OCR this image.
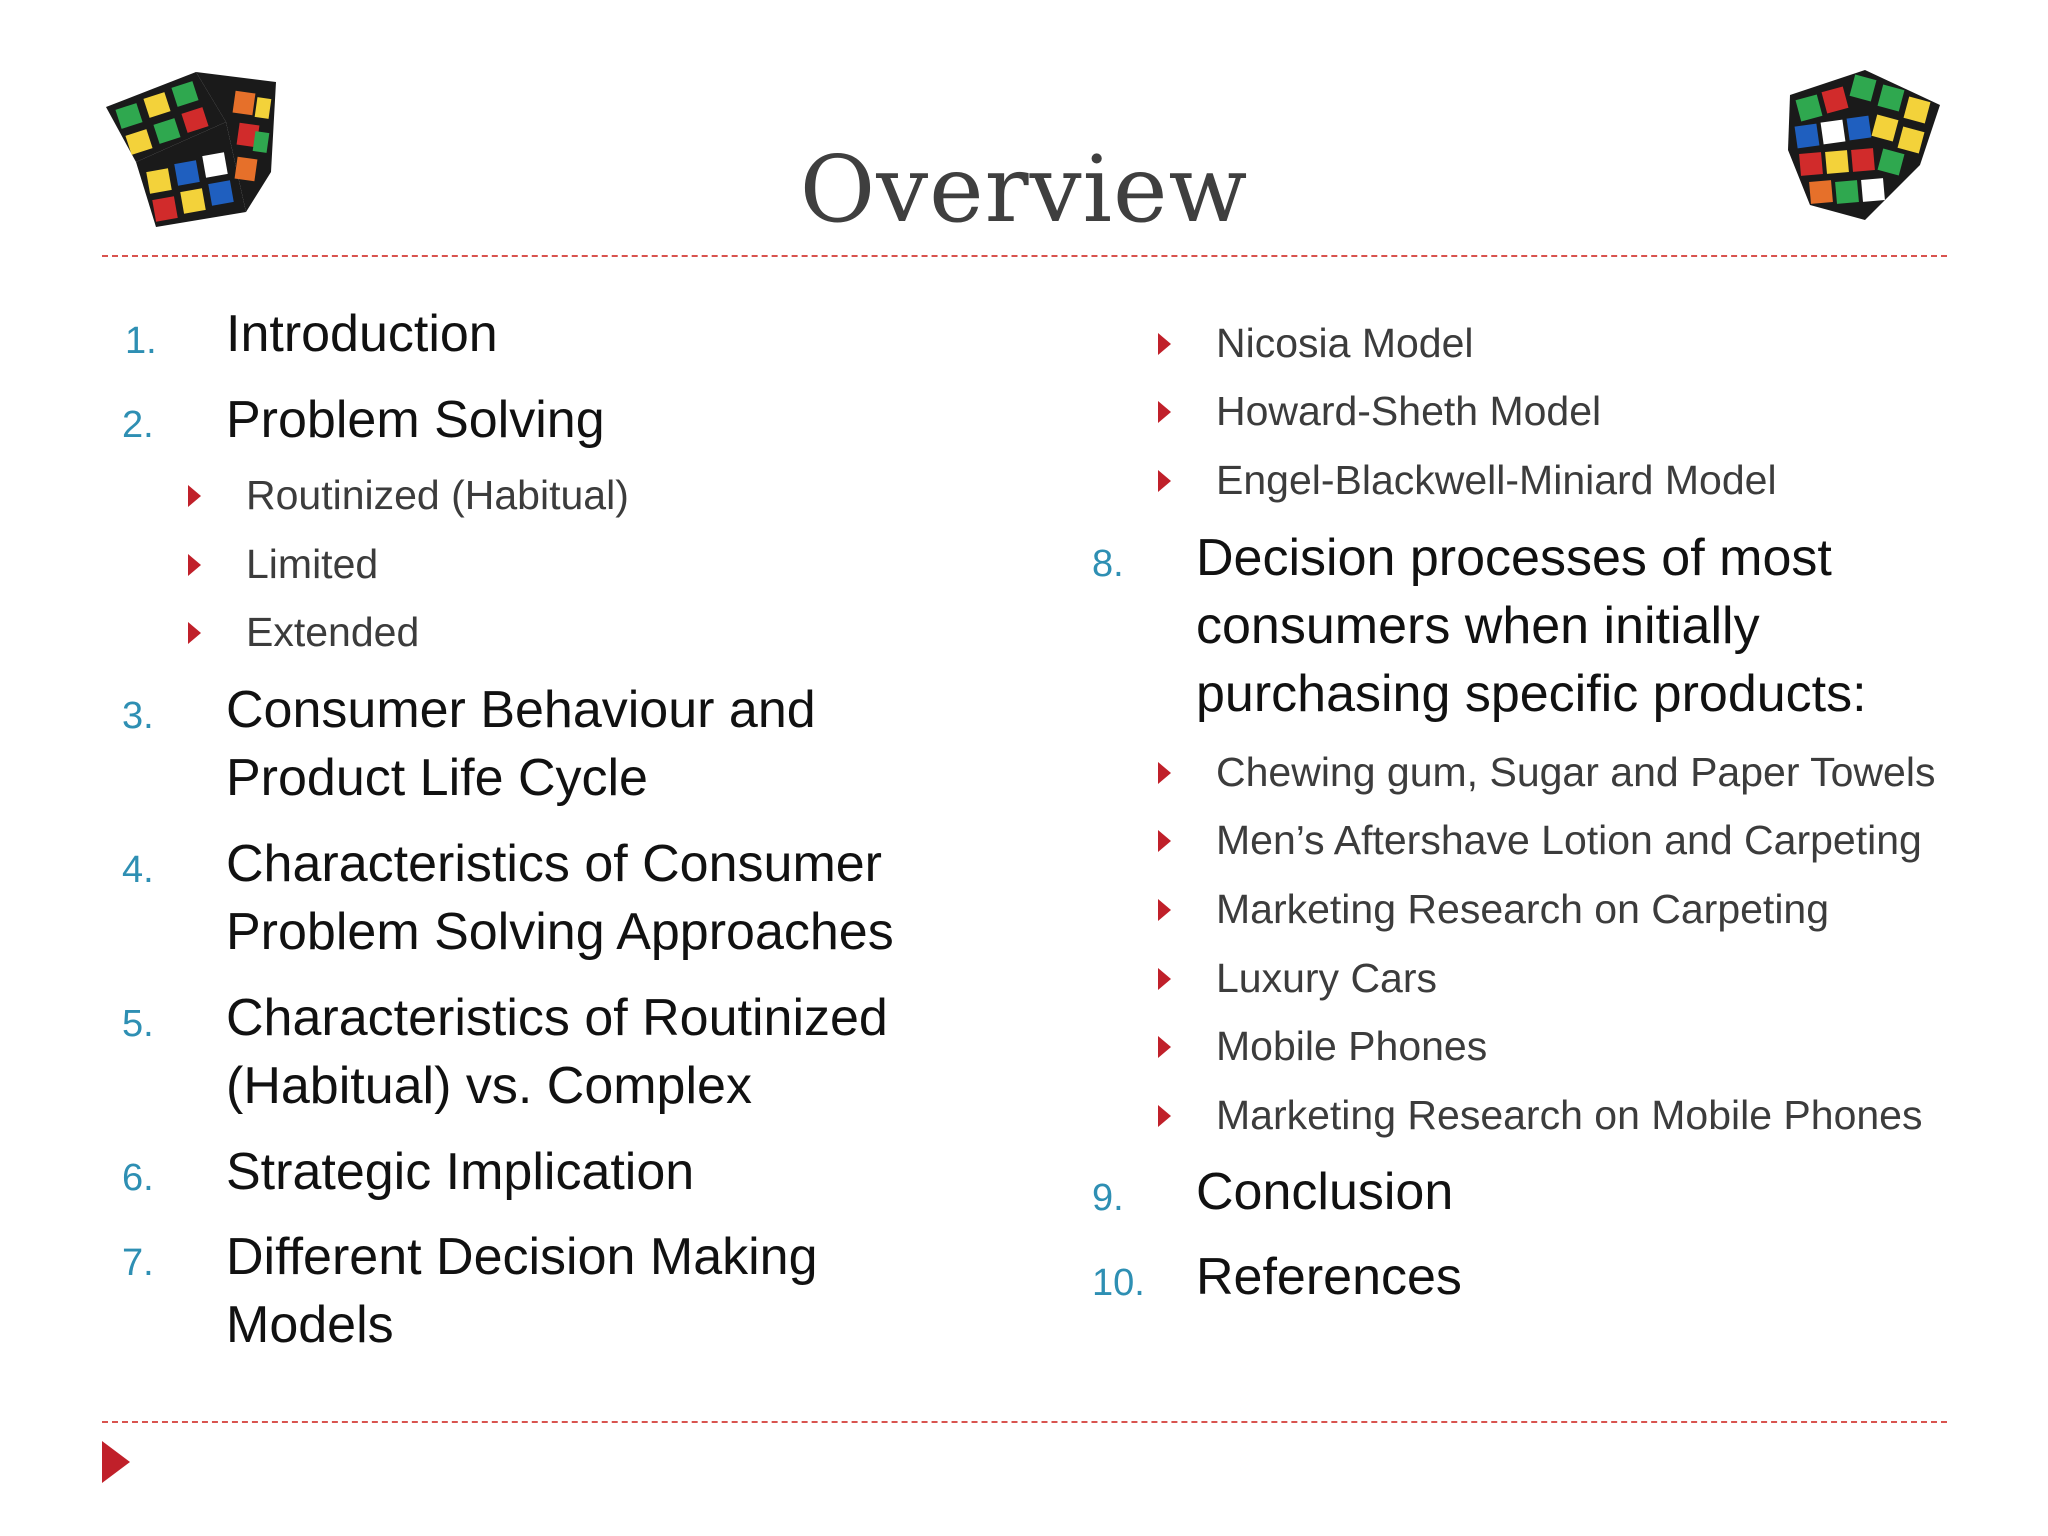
Overview
1. Introduction
2. Problem Solving
Routinized (Habitual)
Limited
Extended
3. Consumer Behaviour and
Product Life Cycle
4. Characteristics of Consumer
Problem Solving Approaches
5. Characteristics of Routinized
(Habitual) vs. Complex
6. Strategic Implication
7. Different Decision Making
Models
Nicosia Model
Howard-Sheth Model
Engel-Blackwell-Miniard Model
8. Decision processes of most
consumers when initially
purchasing specific products:
Chewing gum, Sugar and Paper Towels
Men’s Aftershave Lotion and Carpeting
Marketing Research on Carpeting
Luxury Cars
Mobile Phones
Marketing Research on Mobile Phones
9. Conclusion
10. References
